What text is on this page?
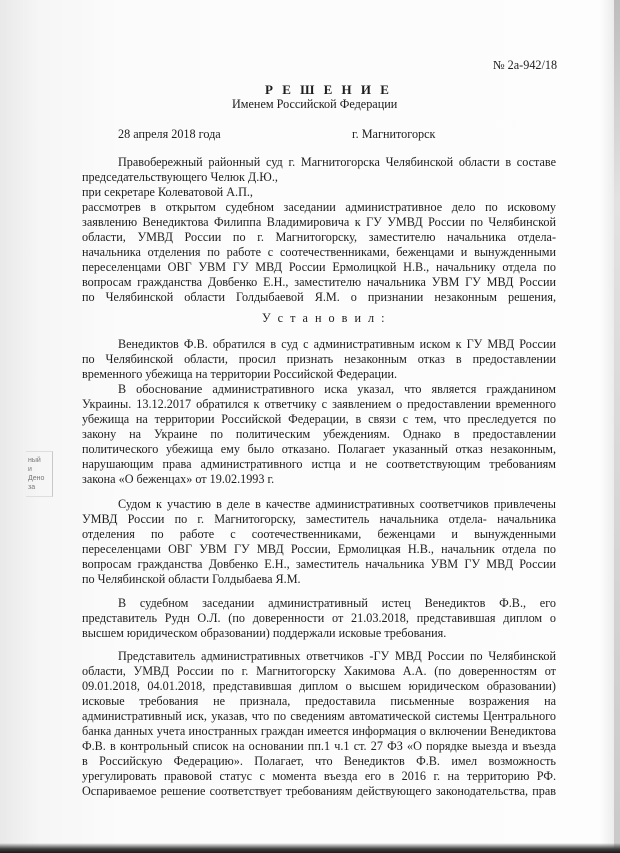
№ 2а-942/18
Р Е Ш Е Н И Е
Именем Российской Федерации
28 апреля 2018 года	г. Магнитогорск
Правобережный районный суд г. Магнитогорска Челябинской области в составе
председательствующего Челюк Д.Ю.,
при секретаре Колеватовой А.П.,
рассмотрев в открытом судебном заседании административное дело по исковому
заявлению Венедиктова Филиппа Владимировича к ГУ УМВД России по Челябинской
области, УМВД России по г. Магнитогорску, заместителю начальника отдела-
начальника отделения по работе с соотечественниками, беженцами и вынужденными
переселенцами ОВГ УВМ ГУ МВД России Ермолицкой Н.В., начальнику отдела по
вопросам гражданства Довбенко Е.Н., заместителю начальника УВМ ГУ МВД России
по Челябинской области Голдыбаевой Я.М. о признании незаконным решения,
У с т а н о в и л :
Венедиктов Ф.В. обратился в суд с административным иском к ГУ МВД России
по Челябинской области, просил признать незаконным отказ в предоставлении
временного убежища на территории Российской Федерации.
В обоснование административного иска указал, что является гражданином
Украины. 13.12.2017 обратился к ответчику с заявлением о предоставлении временного
убежища на территории Российской Федерации, в связи с тем, что преследуется по
закону на Украине по политическим убеждениям. Однако в предоставлении
политического убежища ему было отказано. Полагает указанный отказ незаконным,
нарушающим права административного истца и не соответствующим требованиям
закона «О беженцах» от 19.02.1993 г.
ный
и
Дено
за
Судом к участию в деле в качестве административных соответчиков привлечены
УМВД России по г. Магнитогорску, заместитель начальника отдела- начальника
отделения по работе с соотечественниками, беженцами и вынужденными
переселенцами ОВГ УВМ ГУ МВД России, Ермолицкая Н.В., начальник отдела по
вопросам гражданства Довбенко Е.Н., заместитель начальника УВМ ГУ МВД России
по Челябинской области Голдыбаева Я.М.
В судебном заседании административный истец Венедиктов Ф.В., его
представитель Рудн О.Л. (по доверенности от 21.03.2018, представившая диплом о
высшем юридическом образовании) поддержали исковые требования.
Представитель административных ответчиков -ГУ МВД России по Челябинской
области, УМВД России по г. Магнитогорску Хакимова А.А. (по доверенностям от
09.01.2018, 04.01.2018, представившая диплом о высшем юридическом образовании)
исковые требования не признала, предоставила письменные возражения на
административный иск, указав, что по сведениям автоматической системы Центрального
банка данных учета иностранных граждан имеется информация о включении Венедиктова
Ф.В. в контрольный список на основании пп.1 ч.1 ст. 27 ФЗ «О порядке выезда и въезда
в Российскую Федерацию». Полагает, что Венедиктов Ф.В. имел возможность
урегулировать правовой статус с момента въезда его в 2016 г. на территорию РФ.
Оспариваемое решение соответствует требованиям действующего законодательства, прав
